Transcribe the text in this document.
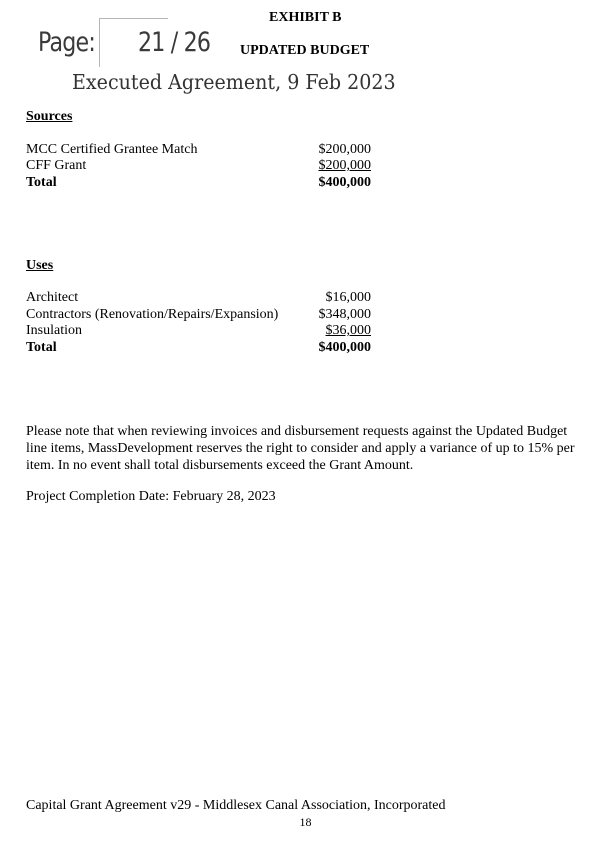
Page: 21 / 26
Executed Agreement, 9 Feb 2023
EXHIBIT B
UPDATED BUDGET
Sources
MCC Certified Grantee Match	$200,000
CFF Grant	$200,000
Total	$400,000
Uses
Architect	$16,000
Contractors (Renovation/Repairs/Expansion)	$348,000
Insulation	$36,000
Total	$400,000
Please note that when reviewing invoices and disbursement requests against the Updated Budget line items, MassDevelopment reserves the right to consider and apply a variance of up to 15% per item. In no event shall total disbursements exceed the Grant Amount.
Project Completion Date: February 28, 2023
Capital Grant Agreement v29 - Middlesex Canal Association, Incorporated
18
